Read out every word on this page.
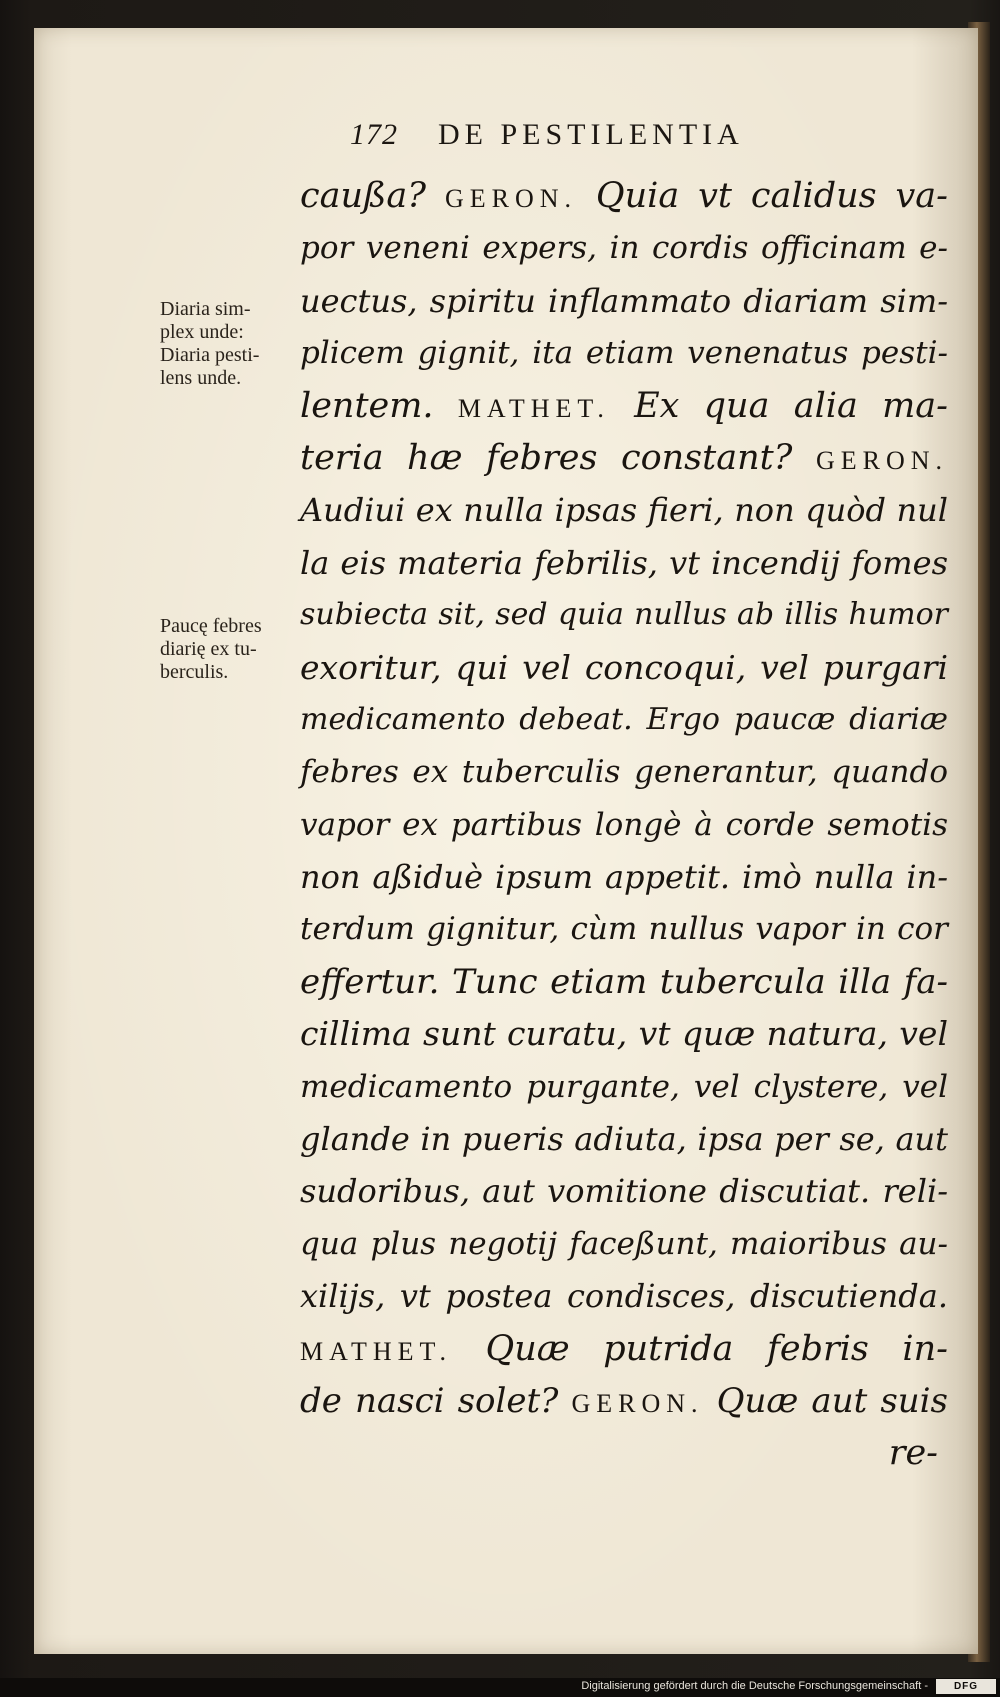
172 DE PESTILENTIA
Diaria sim-
plex unde:
Diaria pesti-
lens unde.
Paucę febres
diarię ex tu-
berculis.
caußa? GERON. Quia vt calidus va-
por veneni expers, in cordis officinam e-
uectus, spiritu inflammato diariam sim-
plicem gignit, ita etiam venenatus pesti-
lentem. MATHET. Ex qua alia ma-
teria hæ febres constant? GERON.
Audiui ex nulla ipsas fieri, non quòd nul
la eis materia febrilis, vt incendij fomes
subiecta sit, sed quia nullus ab illis humor
exoritur, qui vel concoqui, vel purgari
medicamento debeat. Ergo paucæ diariæ
febres ex tuberculis generantur, quando
vapor ex partibus longè à corde semotis
non aßiduè ipsum appetit. imò nulla in-
terdum gignitur, cùm nullus vapor in cor
effertur. Tunc etiam tubercula illa fa-
cillima sunt curatu, vt quæ natura, vel
medicamento purgante, vel clystere, vel
glande in pueris adiuta, ipsa per se, aut
sudoribus, aut vomitione discutiat. reli-
qua plus negotij faceßunt, maioribus au-
xilijs, vt postea condisces, discutienda.
MATHET. Quæ putrida febris in-
de nasci solet? GERON. Quæ aut suis
re-
Digitalisierung gefördert durch die Deutsche Forschungsgemeinschaft -	DFG
